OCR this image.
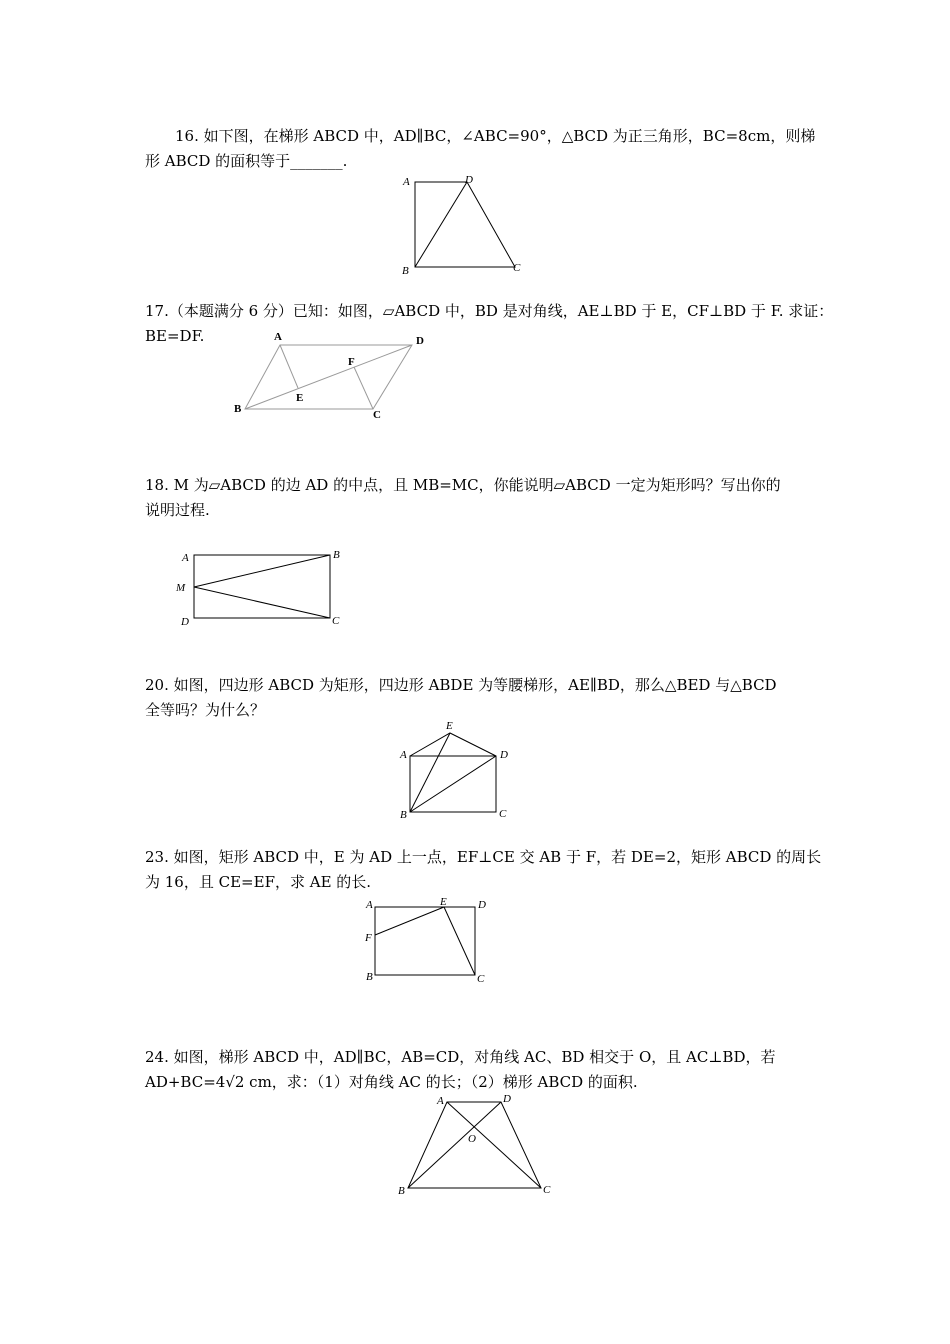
16. 如下图，在梯形 ABCD 中，AD∥BC，∠ABC=90°，△BCD 为正三角形，BC=8cm，则梯
形 ABCD 的面积等于_______.
A	D
B	C
17.（本题满分 6 分）已知：如图，▱ABCD 中，BD 是对角线，AE⊥BD 于 E，CF⊥BD 于 F. 求证：
BE=DF.	A	D
B	C
E
F
18. M 为▱ABCD 的边 AD 的中点，且 MB=MC，你能说明▱ABCD 一定为矩形吗？写出你的
说明过程.
A	B
M
D	C
20. 如图，四边形 ABCD 为矩形，四边形 ABDE 为等腰梯形，AE∥BD，那么△BED 与△BCD
全等吗？为什么？
E
A	D
B	C
23. 如图，矩形 ABCD 中，E 为 AD 上一点，EF⊥CE 交 AB 于 F，若 DE=2，矩形 ABCD 的周长
为 16，且 CE=EF，求 AE 的长.
A	E	D
F
B	C
24. 如图，梯形 ABCD 中，AD∥BC，AB=CD，对角线 AC、BD 相交于 O，且 AC⊥BD，若
AD+BC=4√2 cm，求：（1）对角线 AC 的长；（2）梯形 ABCD 的面积.
A	D
O
B	C
